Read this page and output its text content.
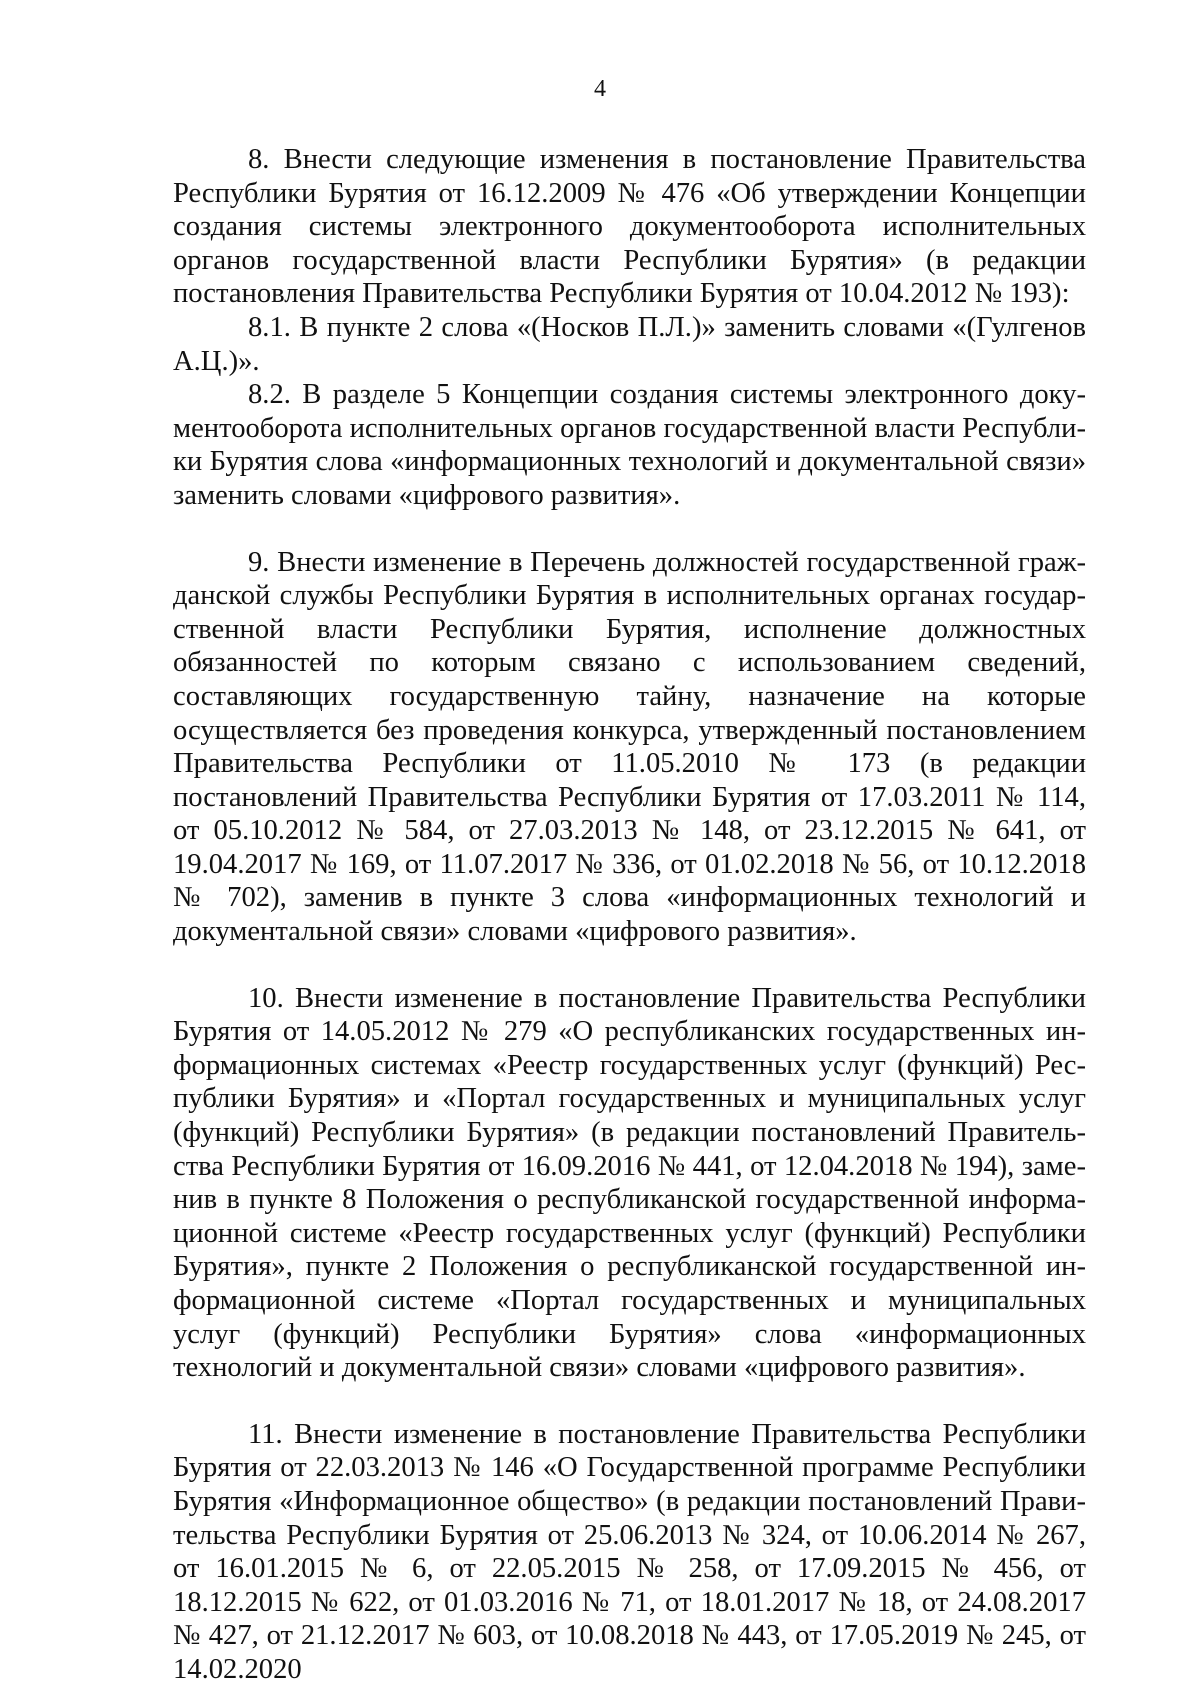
4

8. Внести следующие изменения в постановление Правительства Республики Бурятия от 16.12.2009 № 476 «Об утверждении Концепции создания системы электронного документооборота исполнительных органов государственной власти Республики Бурятия» (в редакции постановления Правительства Республики Бурятия от 10.04.2012 № 193):

8.1. В пункте 2 слова «(Носков П.Л.)» заменить словами «(Гулгенов А.Ц.)».

8.2. В разделе 5 Концепции создания системы электронного документооборота исполнительных органов государственной власти Республики Бурятия слова «информационных технологий и документальной связи» заменить словами «цифрового развития».

9. Внести изменение в Перечень должностей государственной гражданской службы Республики Бурятия в исполнительных органах государственной власти Республики Бурятия, исполнение должностных обязанностей по которым связано с использованием сведений, составляющих государственную тайну, назначение на которые осуществляется без проведения конкурса, утвержденный постановлением Правительства Республики от 11.05.2010 № 173 (в редакции постановлений Правительства Республики Бурятия от 17.03.2011 № 114, от 05.10.2012 № 584, от 27.03.2013 № 148, от 23.12.2015 № 641, от 19.04.2017 № 169, от 11.07.2017 № 336, от 01.02.2018 № 56, от 10.12.2018 № 702), заменив в пункте 3 слова «информационных технологий и документальной связи» словами «цифрового развития».

10. Внести изменение в постановление Правительства Республики Бурятия от 14.05.2012 № 279 «О республиканских государственных информационных системах «Реестр государственных услуг (функций) Республики Бурятия» и «Портал государственных и муниципальных услуг (функций) Республики Бурятия» (в редакции постановлений Правительства Республики Бурятия от 16.09.2016 № 441, от 12.04.2018 № 194), заменив в пункте 8 Положения о республиканской государственной информационной системе «Реестр государственных услуг (функций) Республики Бурятия», пункте 2 Положения о республиканской государственной информационной системе «Портал государственных и муниципальных услуг (функций) Республики Бурятия» слова «информационных технологий и документальной связи» словами «цифрового развития».

11. Внести изменение в постановление Правительства Республики Бурятия от 22.03.2013 № 146 «О Государственной программе Республики Бурятия «Информационное общество» (в редакции постановлений Правительства Республики Бурятия от 25.06.2013 № 324, от 10.06.2014 № 267, от 16.01.2015 № 6, от 22.05.2015 № 258, от 17.09.2015 № 456, от 18.12.2015 № 622, от 01.03.2016 № 71, от 18.01.2017 № 18, от 24.08.2017 № 427, от 21.12.2017 № 603, от 10.08.2018 № 443, от 17.05.2019 № 245, от 14.02.2020
